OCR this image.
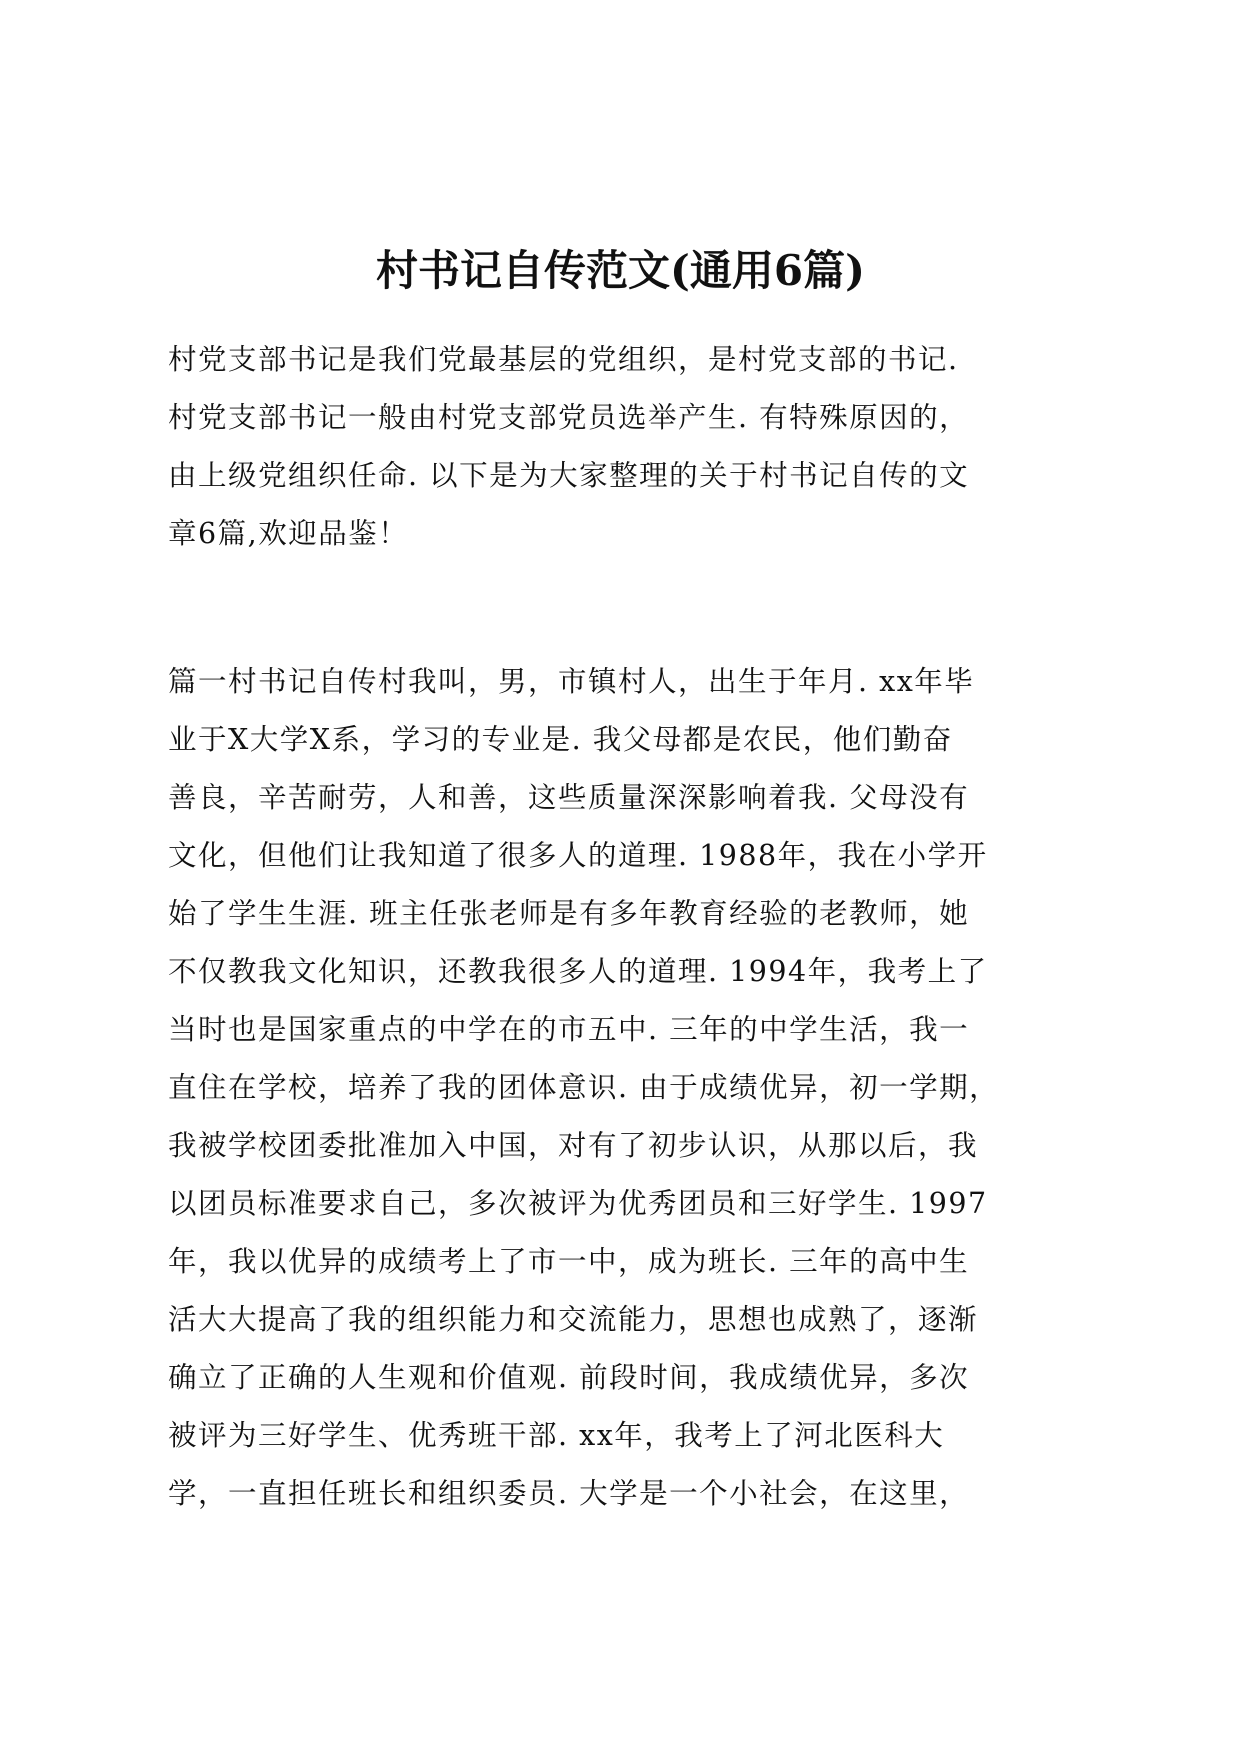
村书记自传范文(通用6篇)

村党支部书记是我们党最基层的党组织，是村党支部的书记.

村党支部书记一般由村党支部党员选举产生. 有特殊原因的，

由上级党组织任命. 以下是为大家整理的关于村书记自传的文

章6篇,欢迎品鉴！

篇一村书记自传村我叫，男，市镇村人，出生于年月. xx年毕

业于X大学X系，学习的专业是. 我父母都是农民，他们勤奋

善良，辛苦耐劳，人和善，这些质量深深影响着我. 父母没有

文化，但他们让我知道了很多人的道理. 1988年，我在小学开

始了学生生涯. 班主任张老师是有多年教育经验的老教师，她

不仅教我文化知识，还教我很多人的道理. 1994年，我考上了

当时也是国家重点的中学在的市五中. 三年的中学生活，我一

直住在学校，培养了我的团体意识. 由于成绩优异，初一学期，

我被学校团委批准加入中国，对有了初步认识，从那以后，我

以团员标准要求自己，多次被评为优秀团员和三好学生. 1997

年，我以优异的成绩考上了市一中，成为班长. 三年的高中生

活大大提高了我的组织能力和交流能力，思想也成熟了，逐渐

确立了正确的人生观和价值观. 前段时间，我成绩优异，多次

被评为三好学生、优秀班干部. xx年，我考上了河北医科大

学，一直担任班长和组织委员. 大学是一个小社会，在这里，
